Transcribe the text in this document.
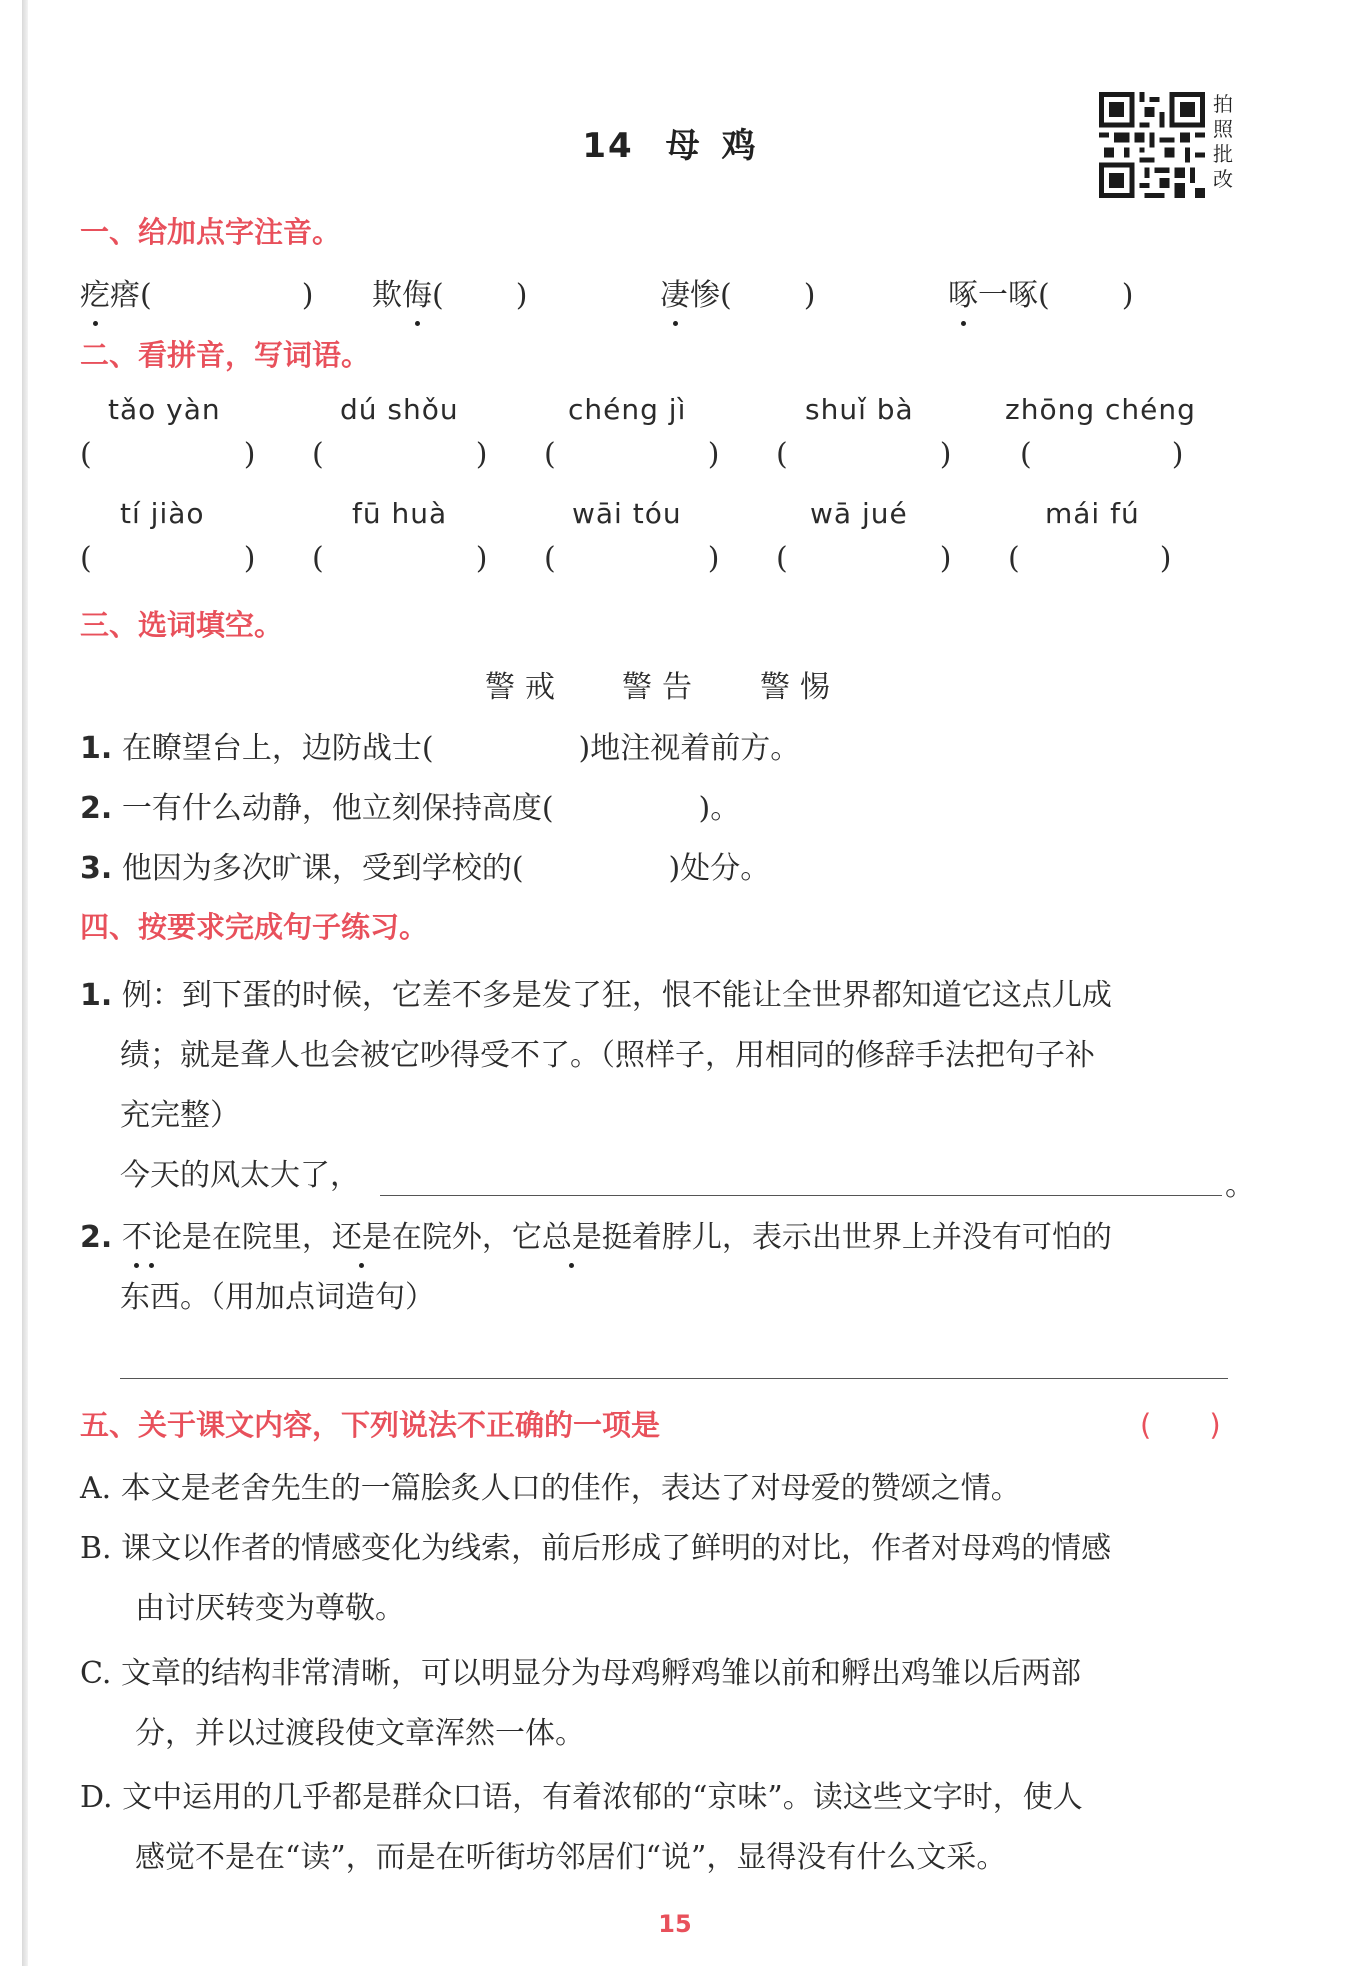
14 母 鸡
拍照批改
一、给加点字注音。
疙瘩(	) 欺侮( )	凄惨( )	啄一啄( )
二、看拼音，写词语。
tǎo yàn	dú shǒu	chéng jì	shuǐ bà	zhōng chéng
(	) (	) (	) (	) (	)
tí jiào	fū huà	wāi tóu	wā jué	mái fú
(	) (	) (	) (	) (	)
三、选词填空。
警戒 警告 警惕
1. 在瞭望台上，边防战士(	)地注视着前方。
2. 一有什么动静，他立刻保持高度(	)。
3. 他因为多次旷课，受到学校的(	)处分。
四、按要求完成句子练习。
1. 例：到下蛋的时候，它差不多是发了狂，恨不能让全世界都知道它这点儿成
绩；就是聋人也会被它吵得受不了。（照样子，用相同的修辞手法把句子补
充完整）
今天的风太大了，	。
2. 不论是在院里，还是在院外，它总是挺着脖儿，表示出世界上并没有可怕的
东西。（用加点词造句）
五、关于课文内容，下列说法不正确的一项是	(　　)
A. 本文是老舍先生的一篇脍炙人口的佳作，表达了对母爱的赞颂之情。
B. 课文以作者的情感变化为线索，前后形成了鲜明的对比，作者对母鸡的情感
由讨厌转变为尊敬。
C. 文章的结构非常清晰，可以明显分为母鸡孵鸡雏以前和孵出鸡雏以后两部
分，并以过渡段使文章浑然一体。
D. 文中运用的几乎都是群众口语，有着浓郁的“京味”。读这些文字时，使人
感觉不是在“读”，而是在听街坊邻居们“说”，显得没有什么文采。
15
